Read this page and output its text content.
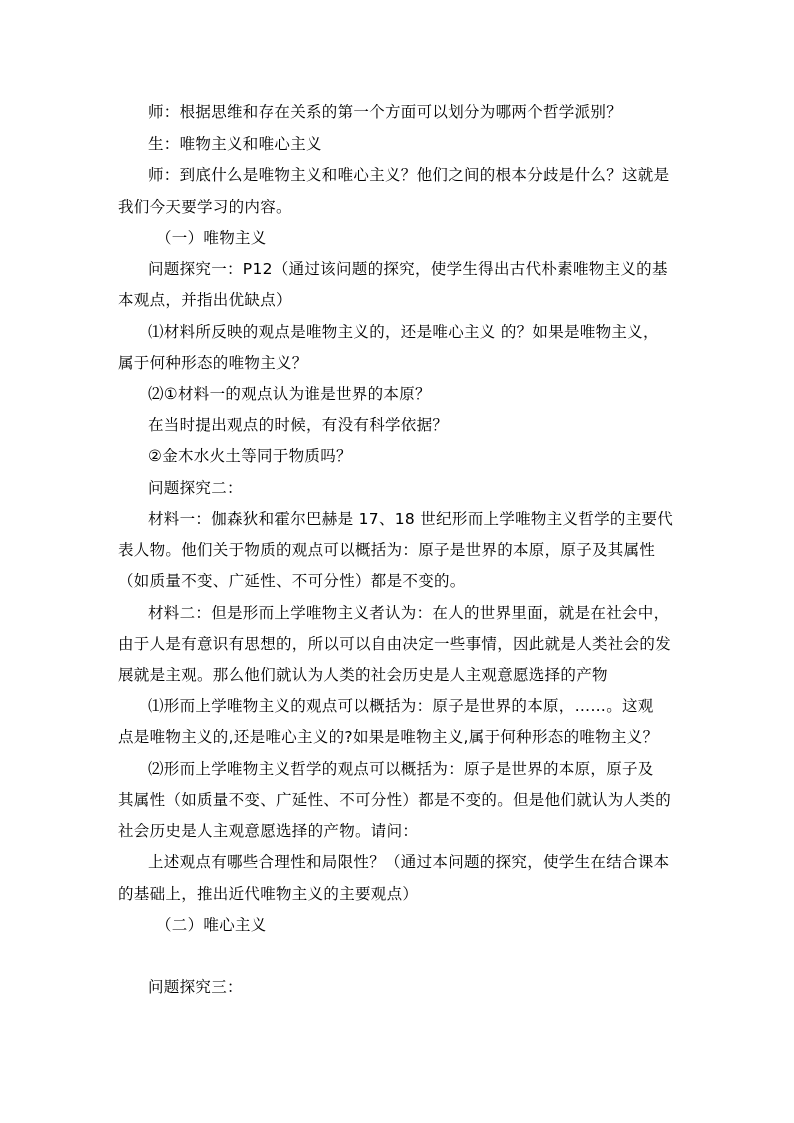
师：根据思维和存在关系的第一个方面可以划分为哪两个哲学派别？
生：唯物主义和唯心主义
师：到底什么是唯物主义和唯心主义？他们之间的根本分歧是什么？这就是
我们今天要学习的内容。
（一）唯物主义
问题探究一：P12（通过该问题的探究，使学生得出古代朴素唯物主义的基
本观点，并指出优缺点）
⑴材料所反映的观点是唯物主义的，还是唯心主义 的？如果是唯物主义，
属于何种形态的唯物主义？
⑵①材料一的观点认为谁是世界的本原？
在当时提出观点的时候，有没有科学依据？
②金木水火土等同于物质吗？
问题探究二：
材料一：伽森狄和霍尔巴赫是 17、18 世纪形而上学唯物主义哲学的主要代
表人物。他们关于物质的观点可以概括为：原子是世界的本原，原子及其属性
（如质量不变、广延性、不可分性）都是不变的。
材料二：但是形而上学唯物主义者认为：在人的世界里面，就是在社会中，
由于人是有意识有思想的，所以可以自由决定一些事情，因此就是人类社会的发
展就是主观。那么他们就认为人类的社会历史是人主观意愿选择的产物
⑴形而上学唯物主义的观点可以概括为：原子是世界的本原，……。这观
点是唯物主义的,还是唯心主义的?如果是唯物主义,属于何种形态的唯物主义？
⑵形而上学唯物主义哲学的观点可以概括为：原子是世界的本原，原子及
其属性（如质量不变、广延性、不可分性）都是不变的。但是他们就认为人类的
社会历史是人主观意愿选择的产物。请问：
上述观点有哪些合理性和局限性？（通过本问题的探究，使学生在结合课本
的基础上，推出近代唯物主义的主要观点）
（二）唯心主义
问题探究三：
